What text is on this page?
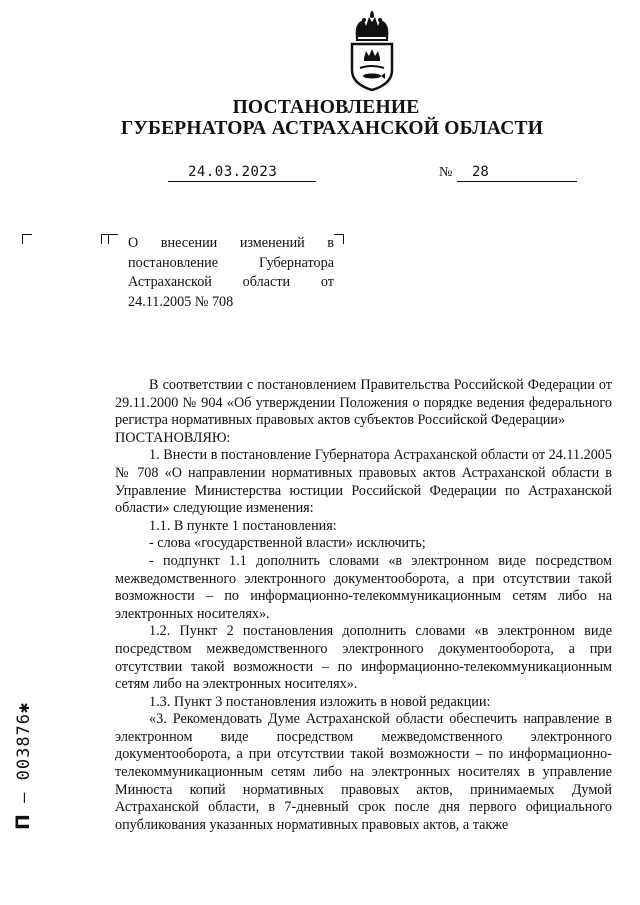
ПОСТАНОВЛЕНИЕ
ГУБЕРНАТОРА АСТРАХАНСКОЙ ОБЛАСТИ
24.03.2023	№ 28
О внесении изменений в постановление Губернатора Астраханской области от 24.11.2005 № 708

В соответствии с постановлением Правительства Российской Федерации от 29.11.2000 № 904 «Об утверждении Положения о порядке ведения федерального регистра нормативных правовых актов субъектов Российской Федерации»

ПОСТАНОВЛЯЮ:

1. Внести в постановление Губернатора Астраханской области от 24.11.2005 № 708 «О направлении нормативных правовых актов Астраханской области в Управление Министерства юстиции Российской Федерации по Астраханской области» следующие изменения:

1.1. В пункте 1 постановления:

- слова «государственной власти» исключить;

- подпункт 1.1 дополнить словами «в электронном виде посредством межведомственного электронного документооборота, а при отсутствии такой возможности – по информационно-телекоммуникационным сетям либо на электронных носителях».

1.2. Пункт 2 постановления дополнить словами «в электронном виде посредством межведомственного электронного документооборота, а при отсутствии такой возможности – по информационно-телекоммуникационным сетям либо на электронных носителях».

1.3. Пункт 3 постановления изложить в новой редакции:

«3. Рекомендовать Думе Астраханской области обеспечить направление в электронном виде посредством межведомственного электронного документооборота, а при отсутствии такой возможности – по информационно-телекоммуникационным сетям либо на электронных носителях в управление Минюста копий нормативных правовых актов, принимаемых Думой Астраханской области, в 7-дневный срок после дня первого официального опубликования указанных нормативных правовых актов, а также

П – 003876✱
